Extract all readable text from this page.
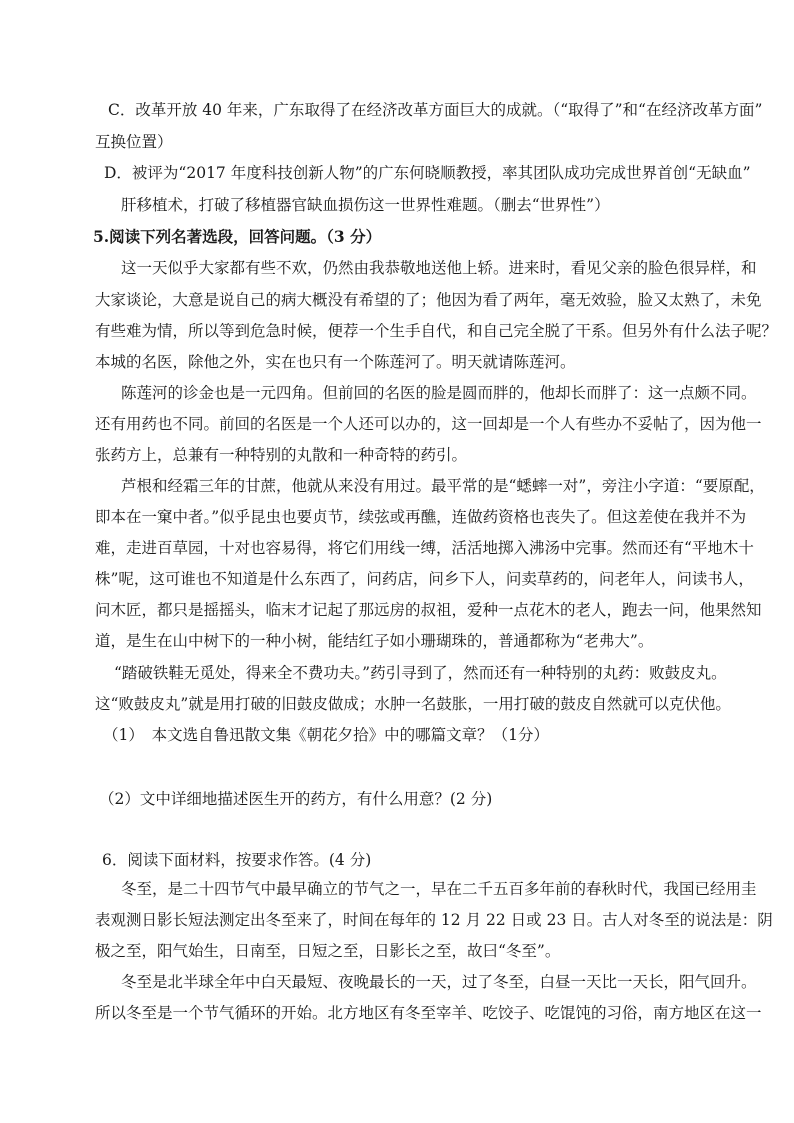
C．改革开放 40 年来，广东取得了在经济改革方面巨大的成就。（“取得了”和“在经济改革方面”
互换位置）
D．被评为“2017 年度科技创新人物”的广东何晓顺教授，率其团队成功完成世界首创“无缺血”
肝移植术，打破了移植器官缺血损伤这一世界性难题。（删去“世界性”）
5.阅读下列名著选段，回答问题。（3 分）
这一天似乎大家都有些不欢，仍然由我恭敬地送他上轿。进来时，看见父亲的脸色很异样，和
大家谈论，大意是说自己的病大概没有希望的了；他因为看了两年，毫无效验，脸又太熟了，未免
有些难为情，所以等到危急时候，便荐一个生手自代，和自己完全脱了干系。但另外有什么法子呢？
本城的名医，除他之外，实在也只有一个陈莲河了。明天就请陈莲河。
陈莲河的诊金也是一元四角。但前回的名医的脸是圆而胖的，他却长而胖了：这一点颇不同。
还有用药也不同。前回的名医是一个人还可以办的，这一回却是一个人有些办不妥帖了，因为他一
张药方上，总兼有一种特别的丸散和一种奇特的药引。
芦根和经霜三年的甘蔗，他就从来没有用过。最平常的是“蟋蟀一对”，旁注小字道：“要原配，
即本在一窠中者。”似乎昆虫也要贞节，续弦或再醮，连做药资格也丧失了。但这差使在我并不为
难，走进百草园，十对也容易得，将它们用线一缚，活活地掷入沸汤中完事。然而还有“平地木十
株”呢，这可谁也不知道是什么东西了，问药店，问乡下人，问卖草药的，问老年人，问读书人，
问木匠，都只是摇摇头，临末才记起了那远房的叔祖，爱种一点花木的老人，跑去一问，他果然知
道，是生在山中树下的一种小树，能结红子如小珊瑚珠的，普通都称为“老弗大”。
“踏破铁鞋无觅处，得来全不费功夫。”药引寻到了，然而还有一种特别的丸药：败鼓皮丸。
这“败鼓皮丸”就是用打破的旧鼓皮做成；水肿一名鼓胀，一用打破的鼓皮自然就可以克伏他。
（1）　本文选自鲁迅散文集《朝花夕拾》中的哪篇文章？（1分）
（2）文中详细地描述医生开的药方，有什么用意？(2 分)
6．阅读下面材料，按要求作答。(4 分)
冬至，是二十四节气中最早确立的节气之一，早在二千五百多年前的春秋时代，我国已经用圭
表观测日影长短法测定出冬至来了，时间在每年的 12 月 22 日或 23 日。古人对冬至的说法是：阴
极之至，阳气始生，日南至，日短之至，日影长之至，故曰“冬至”。
冬至是北半球全年中白天最短、夜晚最长的一天，过了冬至，白昼一天比一天长，阳气回升。
所以冬至是一个节气循环的开始。北方地区有冬至宰羊、吃饺子、吃馄饨的习俗，南方地区在这一
